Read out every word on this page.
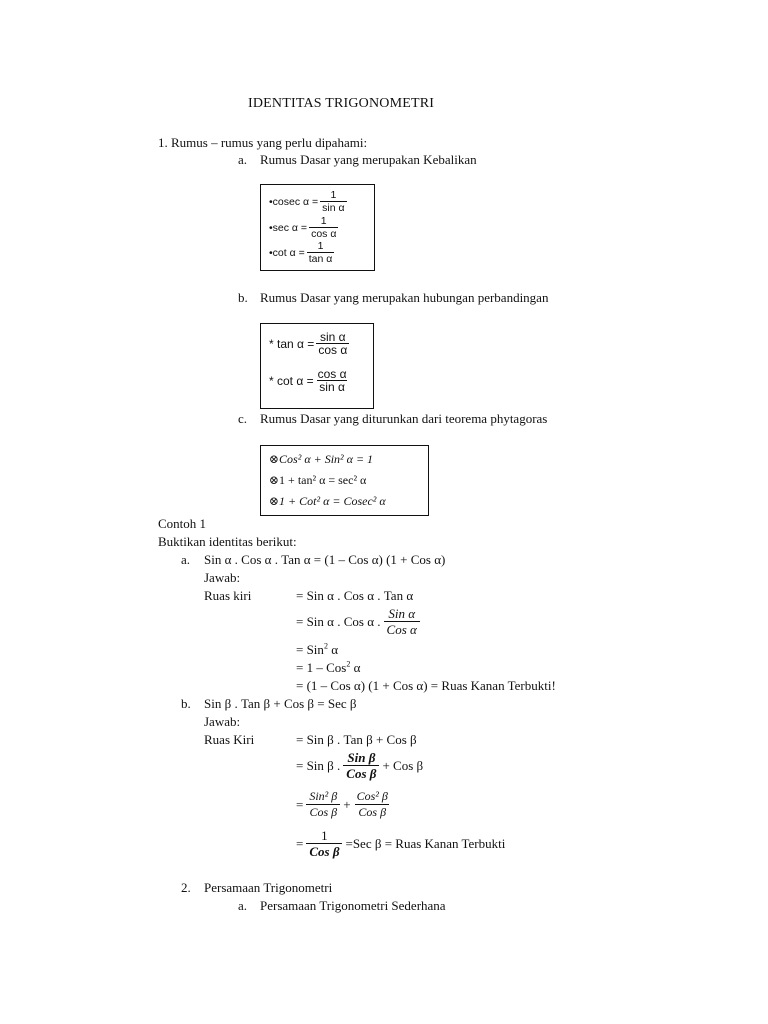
IDENTITAS TRIGONOMETRI
1. Rumus – rumus yang perlu dipahami:
a. Rumus Dasar yang merupakan Kebalikan
•cosec $\alpha = \frac{1}{\text{sin α}}$
•sec $\alpha = \frac{1}{\text{cos α}}$
•cot $\alpha = \frac{1}{\text{tan α}}$
b. Rumus Dasar yang merupakan hubungan perbandingan
* $\tan \alpha = \frac{\text{sin α}}{\text{cos α}}$
* $\cot \alpha = \frac{\text{cos α}}{\text{sin α}}$
c. Rumus Dasar yang diturunkan dari teorema phytagoras
⊗Cos² α + Sin² α = 1
⊗1 + tan² α = sec² α
⊗1 + Cot² α = Cosec² α
Contoh 1
Buktikan identitas berikut:
a. Sin α . Cos α . Tan α = (1 – Cos α) (1 + Cos α)
Jawab:
Ruas kiri	= Sin α . Cos α . Tan α
= Sin α . Cos α . Sin α
Cos α
= Sin$^2$ α
= 1 – Cos$^2$ α
= (1 – Cos α) (1 + Cos α) = Ruas Kanan Terbukti!
b. Sin β . Tan β + Cos β = Sec β
Jawab:
Ruas Kiri	= Sin β . Tan β + Cos β
= Sin β . Sin β
Cos β
+ Cos β
=
Sin² β
Cos β
+
Cos² β
Cos β
= 1
Cos β
=Sec β = Ruas Kanan Terbukti
2. Persamaan Trigonometri
a. Persamaan Trigonometri Sederhana
